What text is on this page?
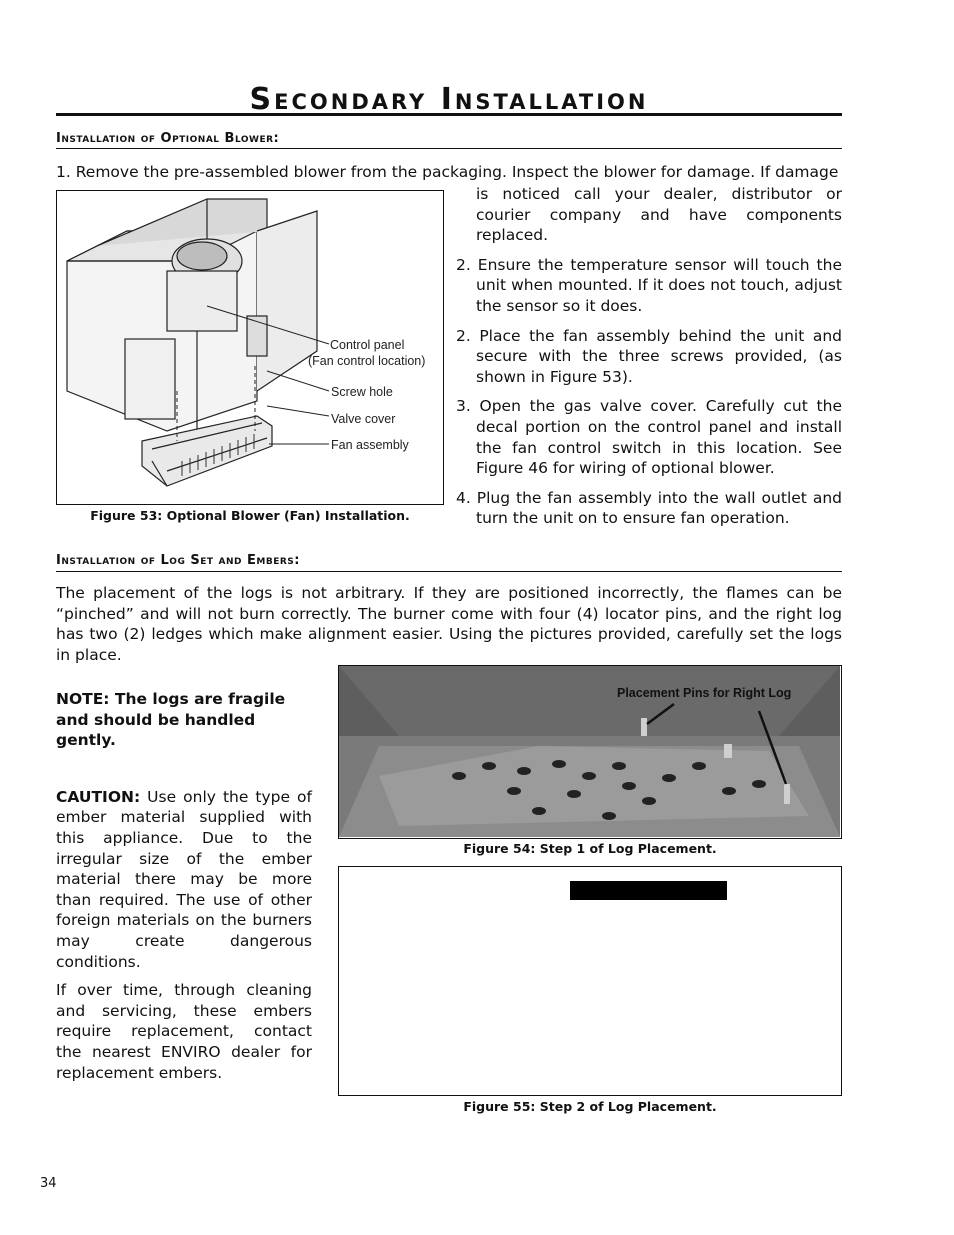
Secondary Installation
Installation of Optional Blower:
1. Remove the pre-assembled blower from the packaging. Inspect the blower for damage. If damage
is noticed call your dealer, distributor or courier company and have components replaced.
2. Ensure the temperature sensor will touch the unit when mounted. If it does not touch, adjust the sensor so it does.
2. Place the fan assembly behind the unit and secure with the three screws provided, (as shown in Figure 53).
3. Open the gas valve cover. Carefully cut the decal portion on the control panel and install the fan control switch in this location. See Figure 46 for wiring of optional blower.
4. Plug the fan assembly into the wall outlet and turn the unit on to ensure fan operation.
Control panel
(Fan control location)
Screw hole
Valve cover
Fan assembly
Figure 53: Optional Blower (Fan) Installation.
Installation of Log Set and Embers:
The placement of the logs is not arbitrary. If they are positioned incorrectly, the flames can be “pinched” and will not burn correctly. The burner come with four (4) locator pins, and the right log has two (2) ledges which make alignment easier. Using the pictures provided, carefully set the logs in place.
NOTE: The logs are fragile and should be handled gently.
CAUTION: Use only the type of ember material supplied with this appliance. Due to the irregular size of the ember material there may be more than required. The use of other foreign materials on the burners may create dangerous conditions.
If over time, through cleaning and servicing, these embers require replacement, contact the nearest ENVIRO dealer for replacement embers.
Placement Pins for Right Log
Figure 54: Step 1 of Log Placement.
Figure 55: Step 2 of Log Placement.
34
